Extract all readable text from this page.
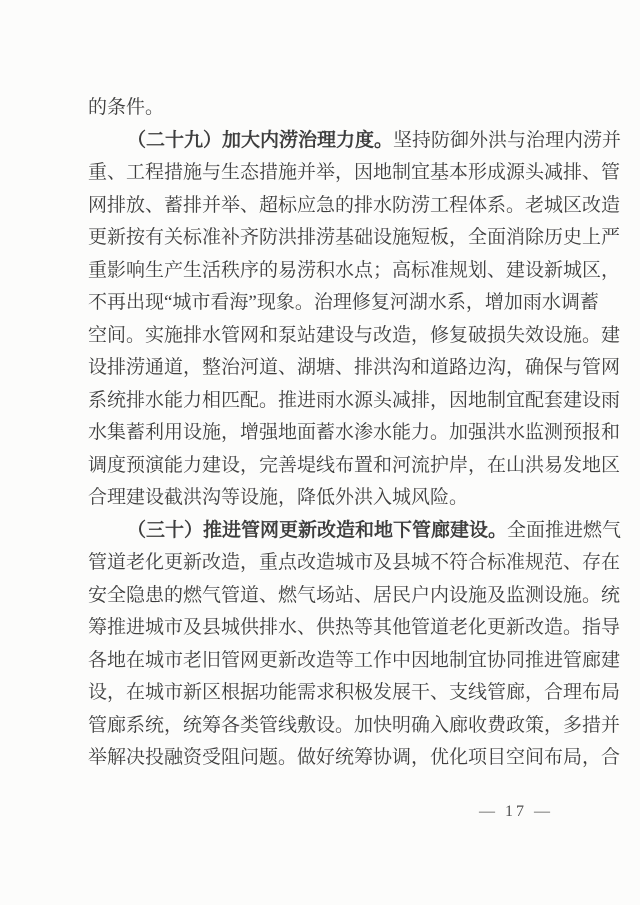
的条件。
（二十九）加大内涝治理力度。坚持防御外洪与治理内涝并
重、工程措施与生态措施并举，因地制宜基本形成源头减排、管
网排放、蓄排并举、超标应急的排水防涝工程体系。老城区改造
更新按有关标准补齐防洪排涝基础设施短板，全面消除历史上严
重影响生产生活秩序的易涝积水点；高标准规划、建设新城区，
不再出现“城市看海”现象。治理修复河湖水系，增加雨水调蓄
空间。实施排水管网和泵站建设与改造，修复破损失效设施。建
设排涝通道，整治河道、湖塘、排洪沟和道路边沟，确保与管网
系统排水能力相匹配。推进雨水源头减排，因地制宜配套建设雨
水集蓄利用设施，增强地面蓄水渗水能力。加强洪水监测预报和
调度预演能力建设，完善堤线布置和河流护岸，在山洪易发地区
合理建设截洪沟等设施，降低外洪入城风险。
（三十）推进管网更新改造和地下管廊建设。全面推进燃气
管道老化更新改造，重点改造城市及县城不符合标准规范、存在
安全隐患的燃气管道、燃气场站、居民户内设施及监测设施。统
筹推进城市及县城供排水、供热等其他管道老化更新改造。指导
各地在城市老旧管网更新改造等工作中因地制宜协同推进管廊建
设，在城市新区根据功能需求积极发展干、支线管廊，合理布局
管廊系统，统筹各类管线敷设。加快明确入廊收费政策，多措并
举解决投融资受阻问题。做好统筹协调，优化项目空间布局，合
— 17 —
